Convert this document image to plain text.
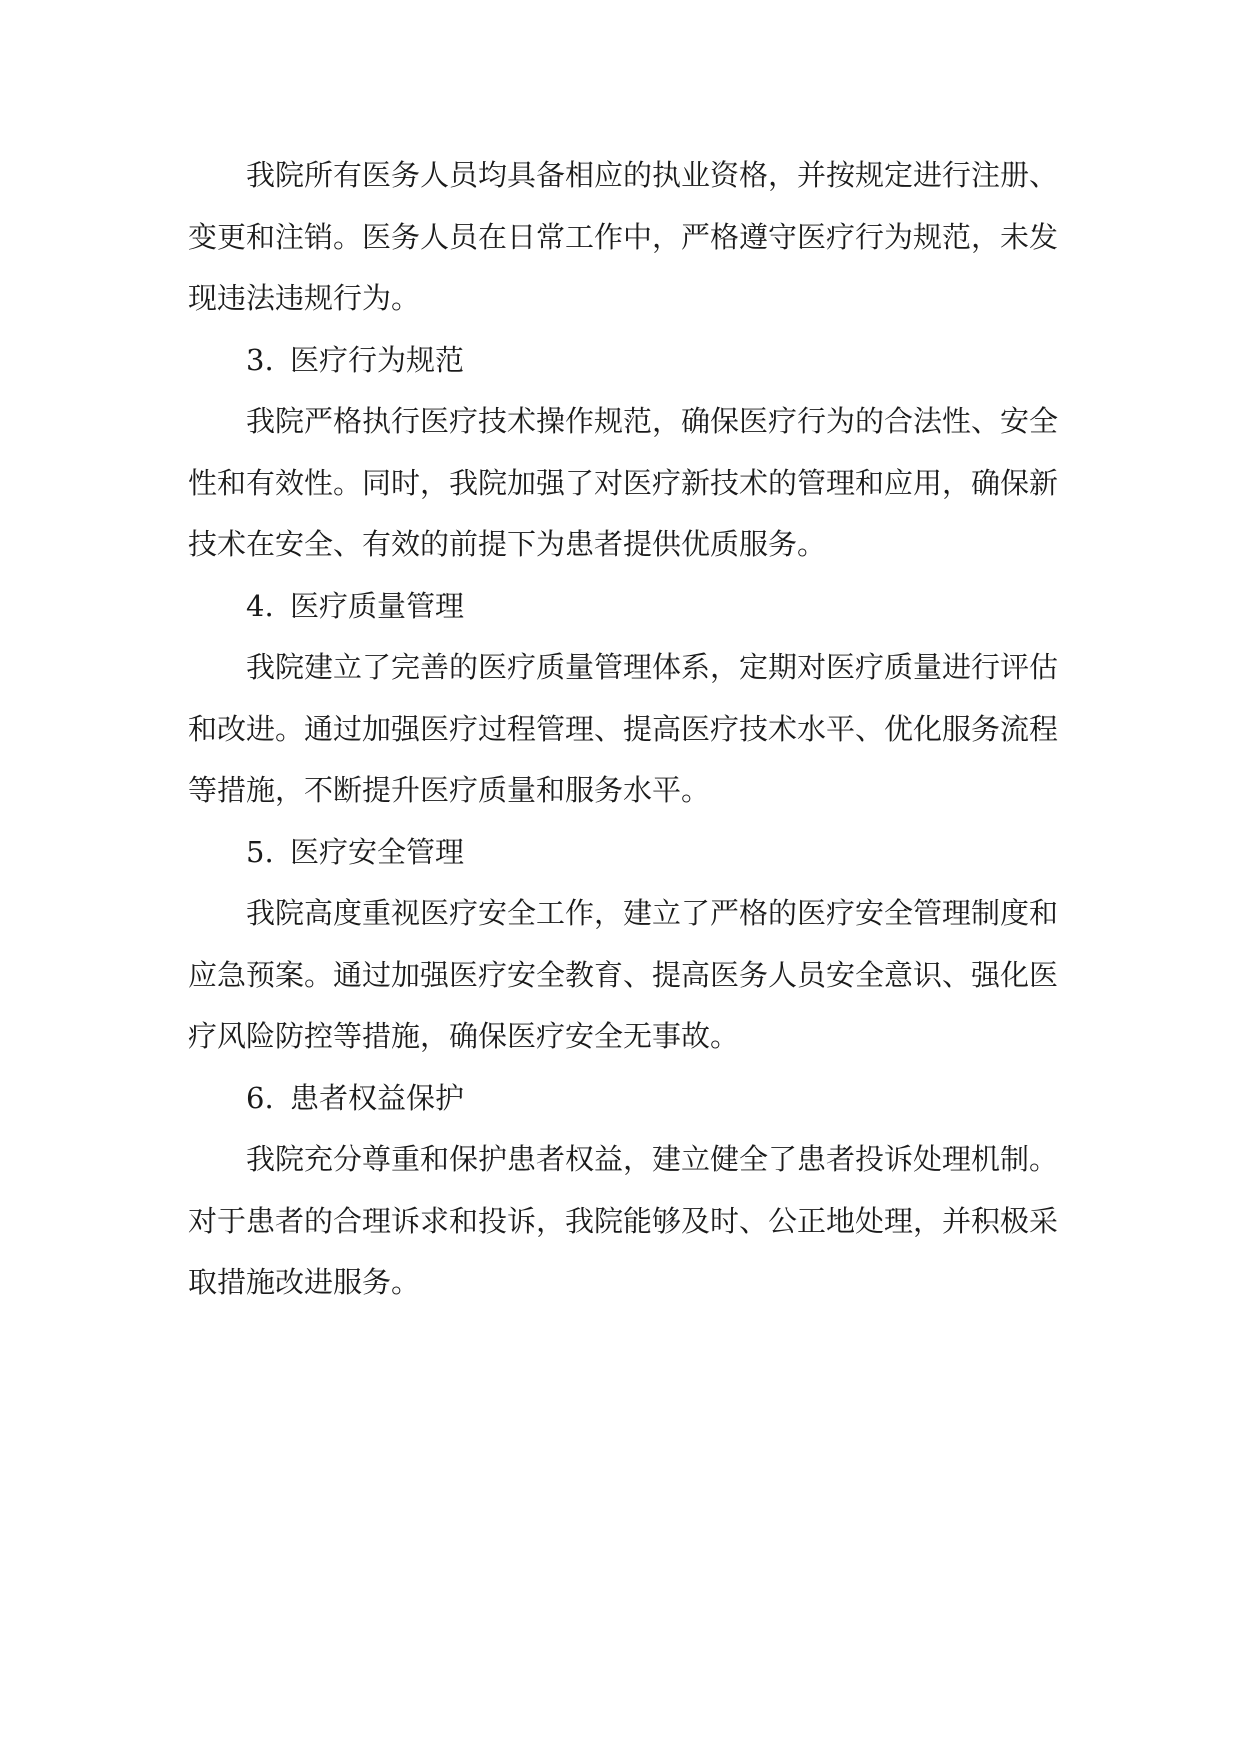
我院所有医务人员均具备相应的执业资格，并按规定进行注册、变更和注销。医务人员在日常工作中，严格遵守医疗行为规范，未发现违法违规行为。

3. 医疗行为规范

我院严格执行医疗技术操作规范，确保医疗行为的合法性、安全性和有效性。同时，我院加强了对医疗新技术的管理和应用，确保新技术在安全、有效的前提下为患者提供优质服务。

4. 医疗质量管理

我院建立了完善的医疗质量管理体系，定期对医疗质量进行评估和改进。通过加强医疗过程管理、提高医疗技术水平、优化服务流程等措施，不断提升医疗质量和服务水平。

5. 医疗安全管理

我院高度重视医疗安全工作，建立了严格的医疗安全管理制度和应急预案。通过加强医疗安全教育、提高医务人员安全意识、强化医疗风险防控等措施，确保医疗安全无事故。

6. 患者权益保护

我院充分尊重和保护患者权益，建立健全了患者投诉处理机制。对于患者的合理诉求和投诉，我院能够及时、公正地处理，并积极采取措施改进服务。
